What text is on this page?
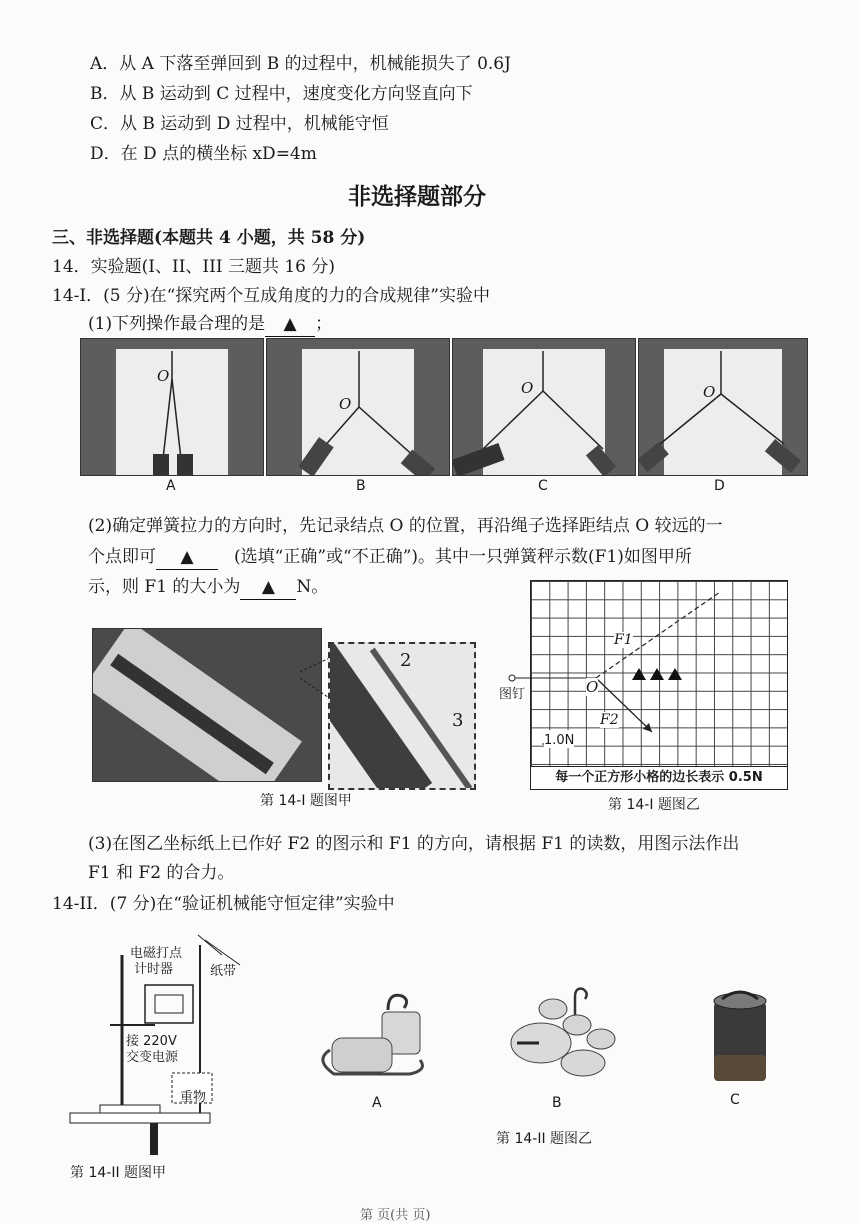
A．从 A 下落至弹回到 B 的过程中，机械能损失了 0.6J
B．从 B 运动到 C 过程中，速度变化方向竖直向下
C．从 B 运动到 D 过程中，机械能守恒
D．在 D 点的横坐标 xD=4m
非选择题部分
三、非选择题(本题共 4 小题，共 58 分)
14．实验题(I、II、III 三题共 16 分)
14-I．(5 分)在“探究两个互成角度的力的合成规律”实验中
(1)下列操作最合理的是 ▲ ；
O
O
O	O
A	B	C	D
(2)确定弹簧拉力的方向时，先记录结点 O 的位置，再沿绳子选择距结点 O 较远的一
个点即可 ▲	(选填“正确”或“不正确”)。其中一只弹簧秤示数(F1)如图甲所
示，则 F1 的大小为 ▲ N。
2
3
第 14-I 题图甲
图钉	O
F1
F2
1.0N
每一个正方形小格的边长表示 0.5N
第 14-I 题图乙
(3)在图乙坐标纸上已作好 F2 的图示和 F1 的方向，请根据 F1 的读数，用图示法作出
F1 和 F2 的合力。
14-II．(7 分)在“验证机械能守恒定律”实验中
电磁打点
计时器	纸带
接 220V
交变电源
重物
第 14-II 题图甲
A	B
第 14-II 题图乙
C
第 页(共 页)
